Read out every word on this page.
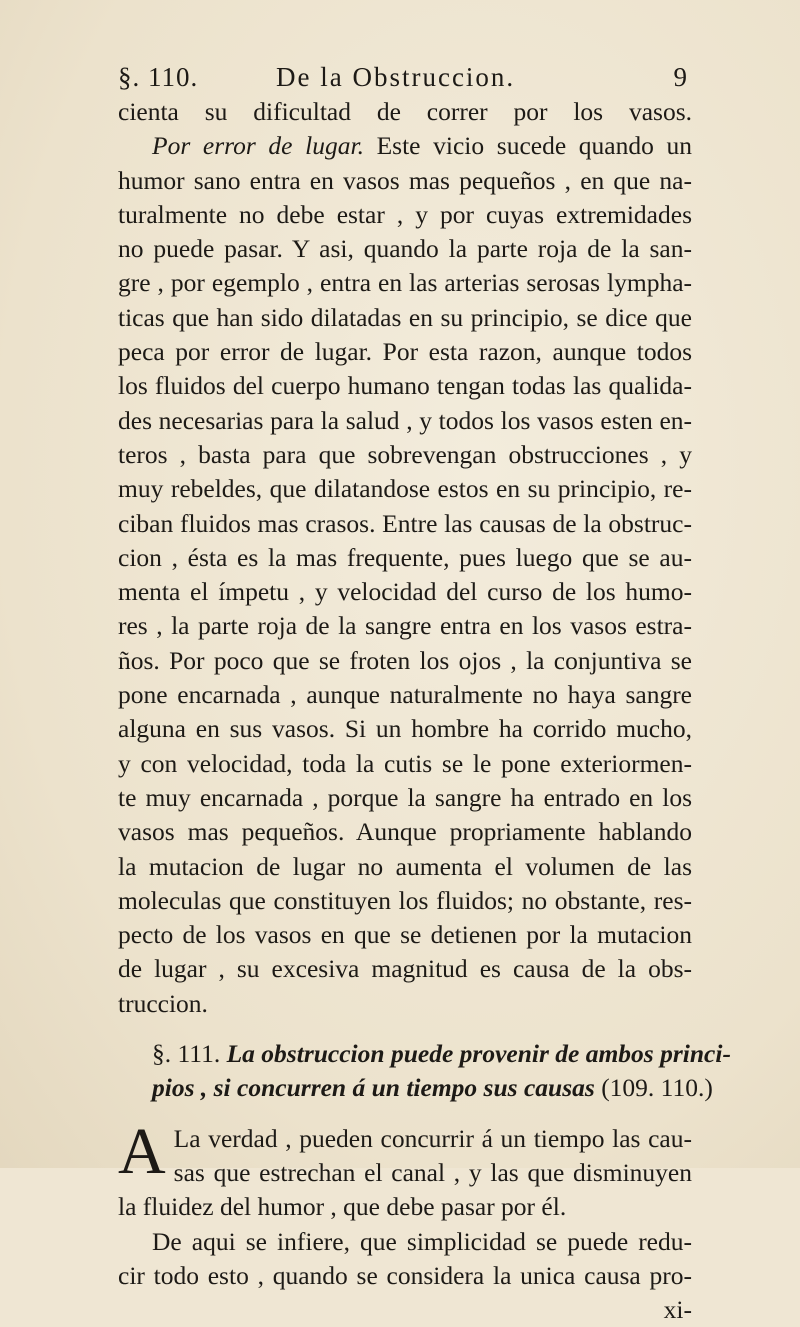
§. 110.	De la Obstruccion.	9
cienta su dificultad de correr por los vasos.
Por error de lugar. Este vicio sucede quando un
humor sano entra en vasos mas pequeños , en que na-
turalmente no debe estar , y por cuyas extremidades
no puede pasar. Y asi, quando la parte roja de la san-
gre , por egemplo , entra en las arterias serosas lympha-
ticas que han sido dilatadas en su principio, se dice que
peca por error de lugar. Por esta razon, aunque todos
los fluidos del cuerpo humano tengan todas las qualida-
des necesarias para la salud , y todos los vasos esten en-
teros , basta para que sobrevengan obstrucciones , y
muy rebeldes, que dilatandose estos en su principio, re-
ciban fluidos mas crasos. Entre las causas de la obstruc-
cion , ésta es la mas frequente, pues luego que se au-
menta el ímpetu , y velocidad del curso de los humo-
res , la parte roja de la sangre entra en los vasos estra-
ños. Por poco que se froten los ojos , la conjuntiva se
pone encarnada , aunque naturalmente no haya sangre
alguna en sus vasos. Si un hombre ha corrido mucho,
y con velocidad, toda la cutis se le pone exteriormen-
te muy encarnada , porque la sangre ha entrado en los
vasos mas pequeños. Aunque propriamente hablando
la mutacion de lugar no aumenta el volumen de las
moleculas que constituyen los fluidos; no obstante, res-
pecto de los vasos en que se detienen por la mutacion
de lugar , su excesiva magnitud es causa de la obs-
truccion.
§. 111. La obstruccion puede provenir de ambos princi-
pios , si concurren á un tiempo sus causas (109. 110.)
A La verdad , pueden concurrir á un tiempo las cau-
sas que estrechan el canal , y las que disminuyen
la fluidez del humor , que debe pasar por él.
De aqui se infiere, que simplicidad se puede redu-
cir todo esto , quando se considera la unica causa pro-
xi-
